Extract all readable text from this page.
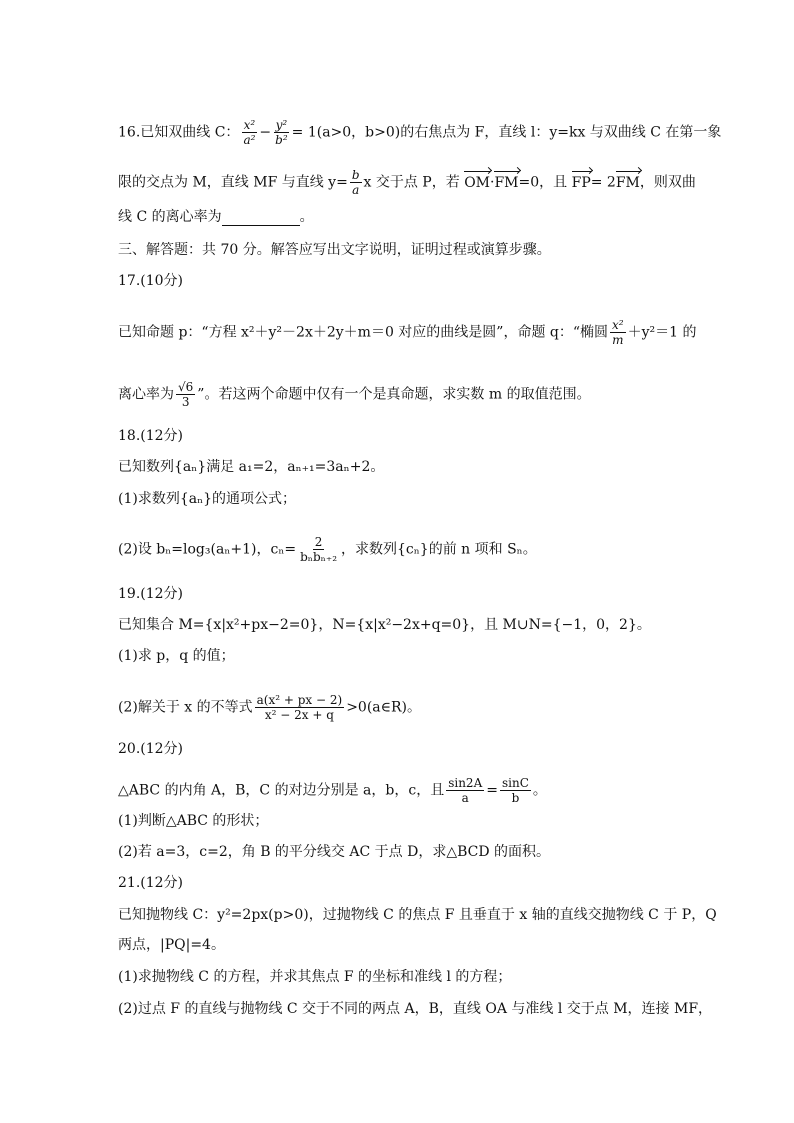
16.已知双曲线 C： $\frac{\text{x²}}{\text{a²}} - \frac{\text{y²}}{\text{b²}} = 1(a>0$，b>0)的右焦点为 F，直线 l：y=kx 与双曲线 C 在第一象
限的交点为 M，直线 MF 与直线 $y= \frac{b}{a}$ x 交于点 P，若 OM·FM=0，且 FP= 2FM，则双曲
线 C 的离心率为	。
三、解答题：共 70 分。解答应写出文字说明，证明过程或演算步骤。
17.(10分)
已知命题 p：“方程 x²＋y²－2x＋2y＋m＝0 对应的曲线是圆”，命题 q：“椭圆 $\frac{\text{x²}}{m} +y^2=1$ 的
离心率为 $\frac{√6}{3}$ ”。若这两个命题中仅有一个是真命题，求实数 m 的取值范围。
18.(12分)
已知数列{aₙ}满足 a₁=2，aₙ₊₁=3aₙ+2。
(1)求数列{aₙ}的通项公式；
(2)设 bₙ=log₃(aₙ+1)，$c_n= \frac{2}{\text{bₙbₙ₊₂}}$ ，求数列{cₙ}的前 n 项和 Sₙ。
19.(12分)
已知集合 M={x|x²+px−2=0}，N={x|x²−2x+q=0}，且 M∪N={−1，0，2}。
(1)求 p，q 的值；
(2)解关于 x 的不等式 $\frac{\text{a(x² + px − 2)}}{\text{x² − 2x + q}}$ >0(a∈R)。
20.(12分)
△ABC 的内角 A，B，C 的对边分别是 a，b，c，且 $\frac{\sin 2A}{a} = \frac{\sin C}{b}$ 。
(1)判断△ABC 的形状；
(2)若 a=3，c=2，角 B 的平分线交 AC 于点 D，求△BCD 的面积。
21.(12分)
已知抛物线 C：y²=2px(p>0)，过抛物线 C 的焦点 F 且垂直于 x 轴的直线交抛物线 C 于 P，Q
两点，|PQ|=4。
(1)求抛物线 C 的方程，并求其焦点 F 的坐标和准线 l 的方程；
(2)过点 F 的直线与抛物线 C 交于不同的两点 A，B，直线 OA 与准线 l 交于点 M，连接 MF，
